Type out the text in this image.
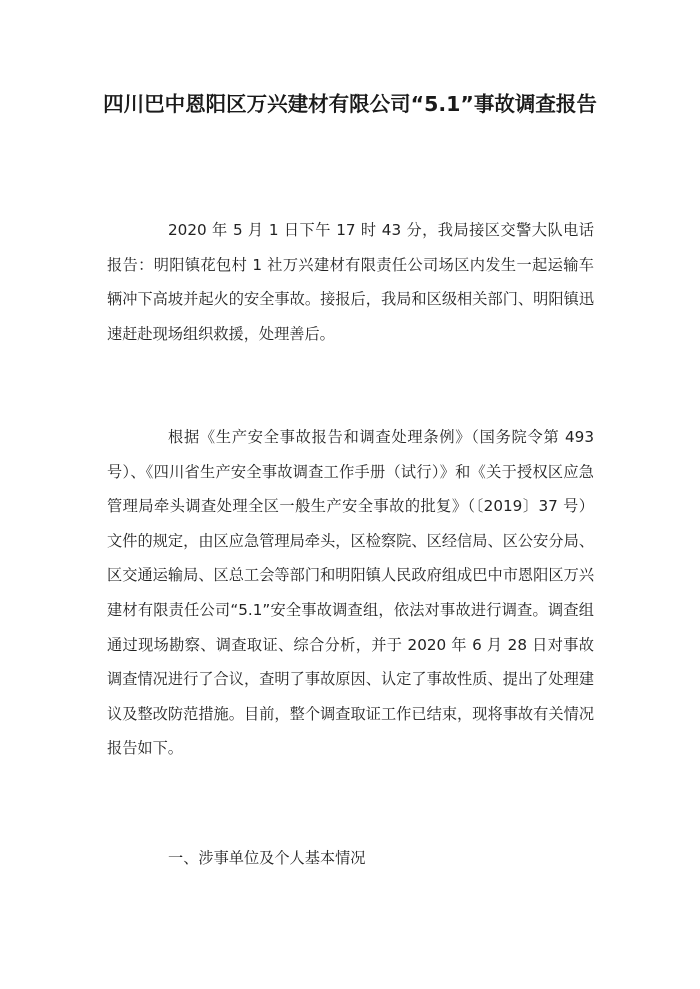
四川巴中恩阳区万兴建材有限公司“5.1”事故调查报告

2020 年 5 月 1 日下午 17 时 43 分，我局接区交警大队电话报告：明阳镇花包村 1 社万兴建材有限责任公司场区内发生一起运输车辆冲下高坡并起火的安全事故。接报后，我局和区级相关部门、明阳镇迅速赶赴现场组织救援，处理善后。

根据《生产安全事故报告和调查处理条例》（国务院令第 493 号）、《四川省生产安全事故调查工作手册（试行）》和《关于授权区应急管理局牵头调查处理全区一般生产安全事故的批复》（〔2019〕37 号）文件的规定，由区应急管理局牵头，区检察院、区经信局、区公安分局、区交通运输局、区总工会等部门和明阳镇人民政府组成巴中市恩阳区万兴建材有限责任公司“5.1”安全事故调查组，依法对事故进行调查。调查组通过现场勘察、调查取证、综合分析，并于 2020 年 6 月 28 日对事故调查情况进行了合议，查明了事故原因、认定了事故性质、提出了处理建议及整改防范措施。目前，整个调查取证工作已结束，现将事故有关情况报告如下。

一、涉事单位及个人基本情况
